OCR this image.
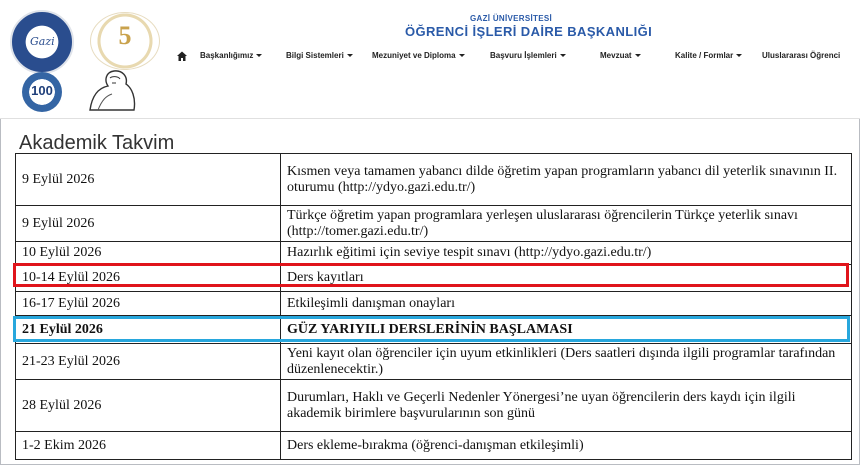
Gazi	5
100
GAZİ ÜNİVERSİTESİ
ÖĞRENCİ İŞLERİ DAİRE BAŞKANLIĞI
Başkanlığımız	Bilgi Sistemleri	Mezuniyet ve Diploma	Başvuru İşlemleri	Mevzuat	Kalite / Formlar	Uluslararası Öğrenci
Akademik Takvim
9 Eylül 2026	Kısmen veya tamamen yabancı dilde öğretim yapan programların yabancı dil yeterlik sınavının II. oturumu (http://ydyo.gazi.edu.tr/)
9 Eylül 2026	Türkçe öğretim yapan programlara yerleşen uluslararası öğrencilerin Türkçe yeterlik sınavı (http://tomer.gazi.edu.tr/)
10 Eylül 2026	Hazırlık eğitimi için seviye tespit sınavı (http://ydyo.gazi.edu.tr/)
10-14 Eylül 2026	Ders kayıtları
16-17 Eylül 2026	Etkileşimli danışman onayları
21 Eylül 2026	GÜZ YARIYILI DERSLERİNİN BAŞLAMASI
21-23 Eylül 2026	Yeni kayıt olan öğrenciler için uyum etkinlikleri (Ders saatleri dışında ilgili programlar tarafından düzenlenecektir.)
28 Eylül 2026	Durumları, Haklı ve Geçerli Nedenler Yönergesi’ne uyan öğrencilerin ders kaydı için ilgili akademik birimlere başvurularının son günü
1-2 Ekim 2026	Ders ekleme-bırakma (öğrenci-danışman etkileşimli)
